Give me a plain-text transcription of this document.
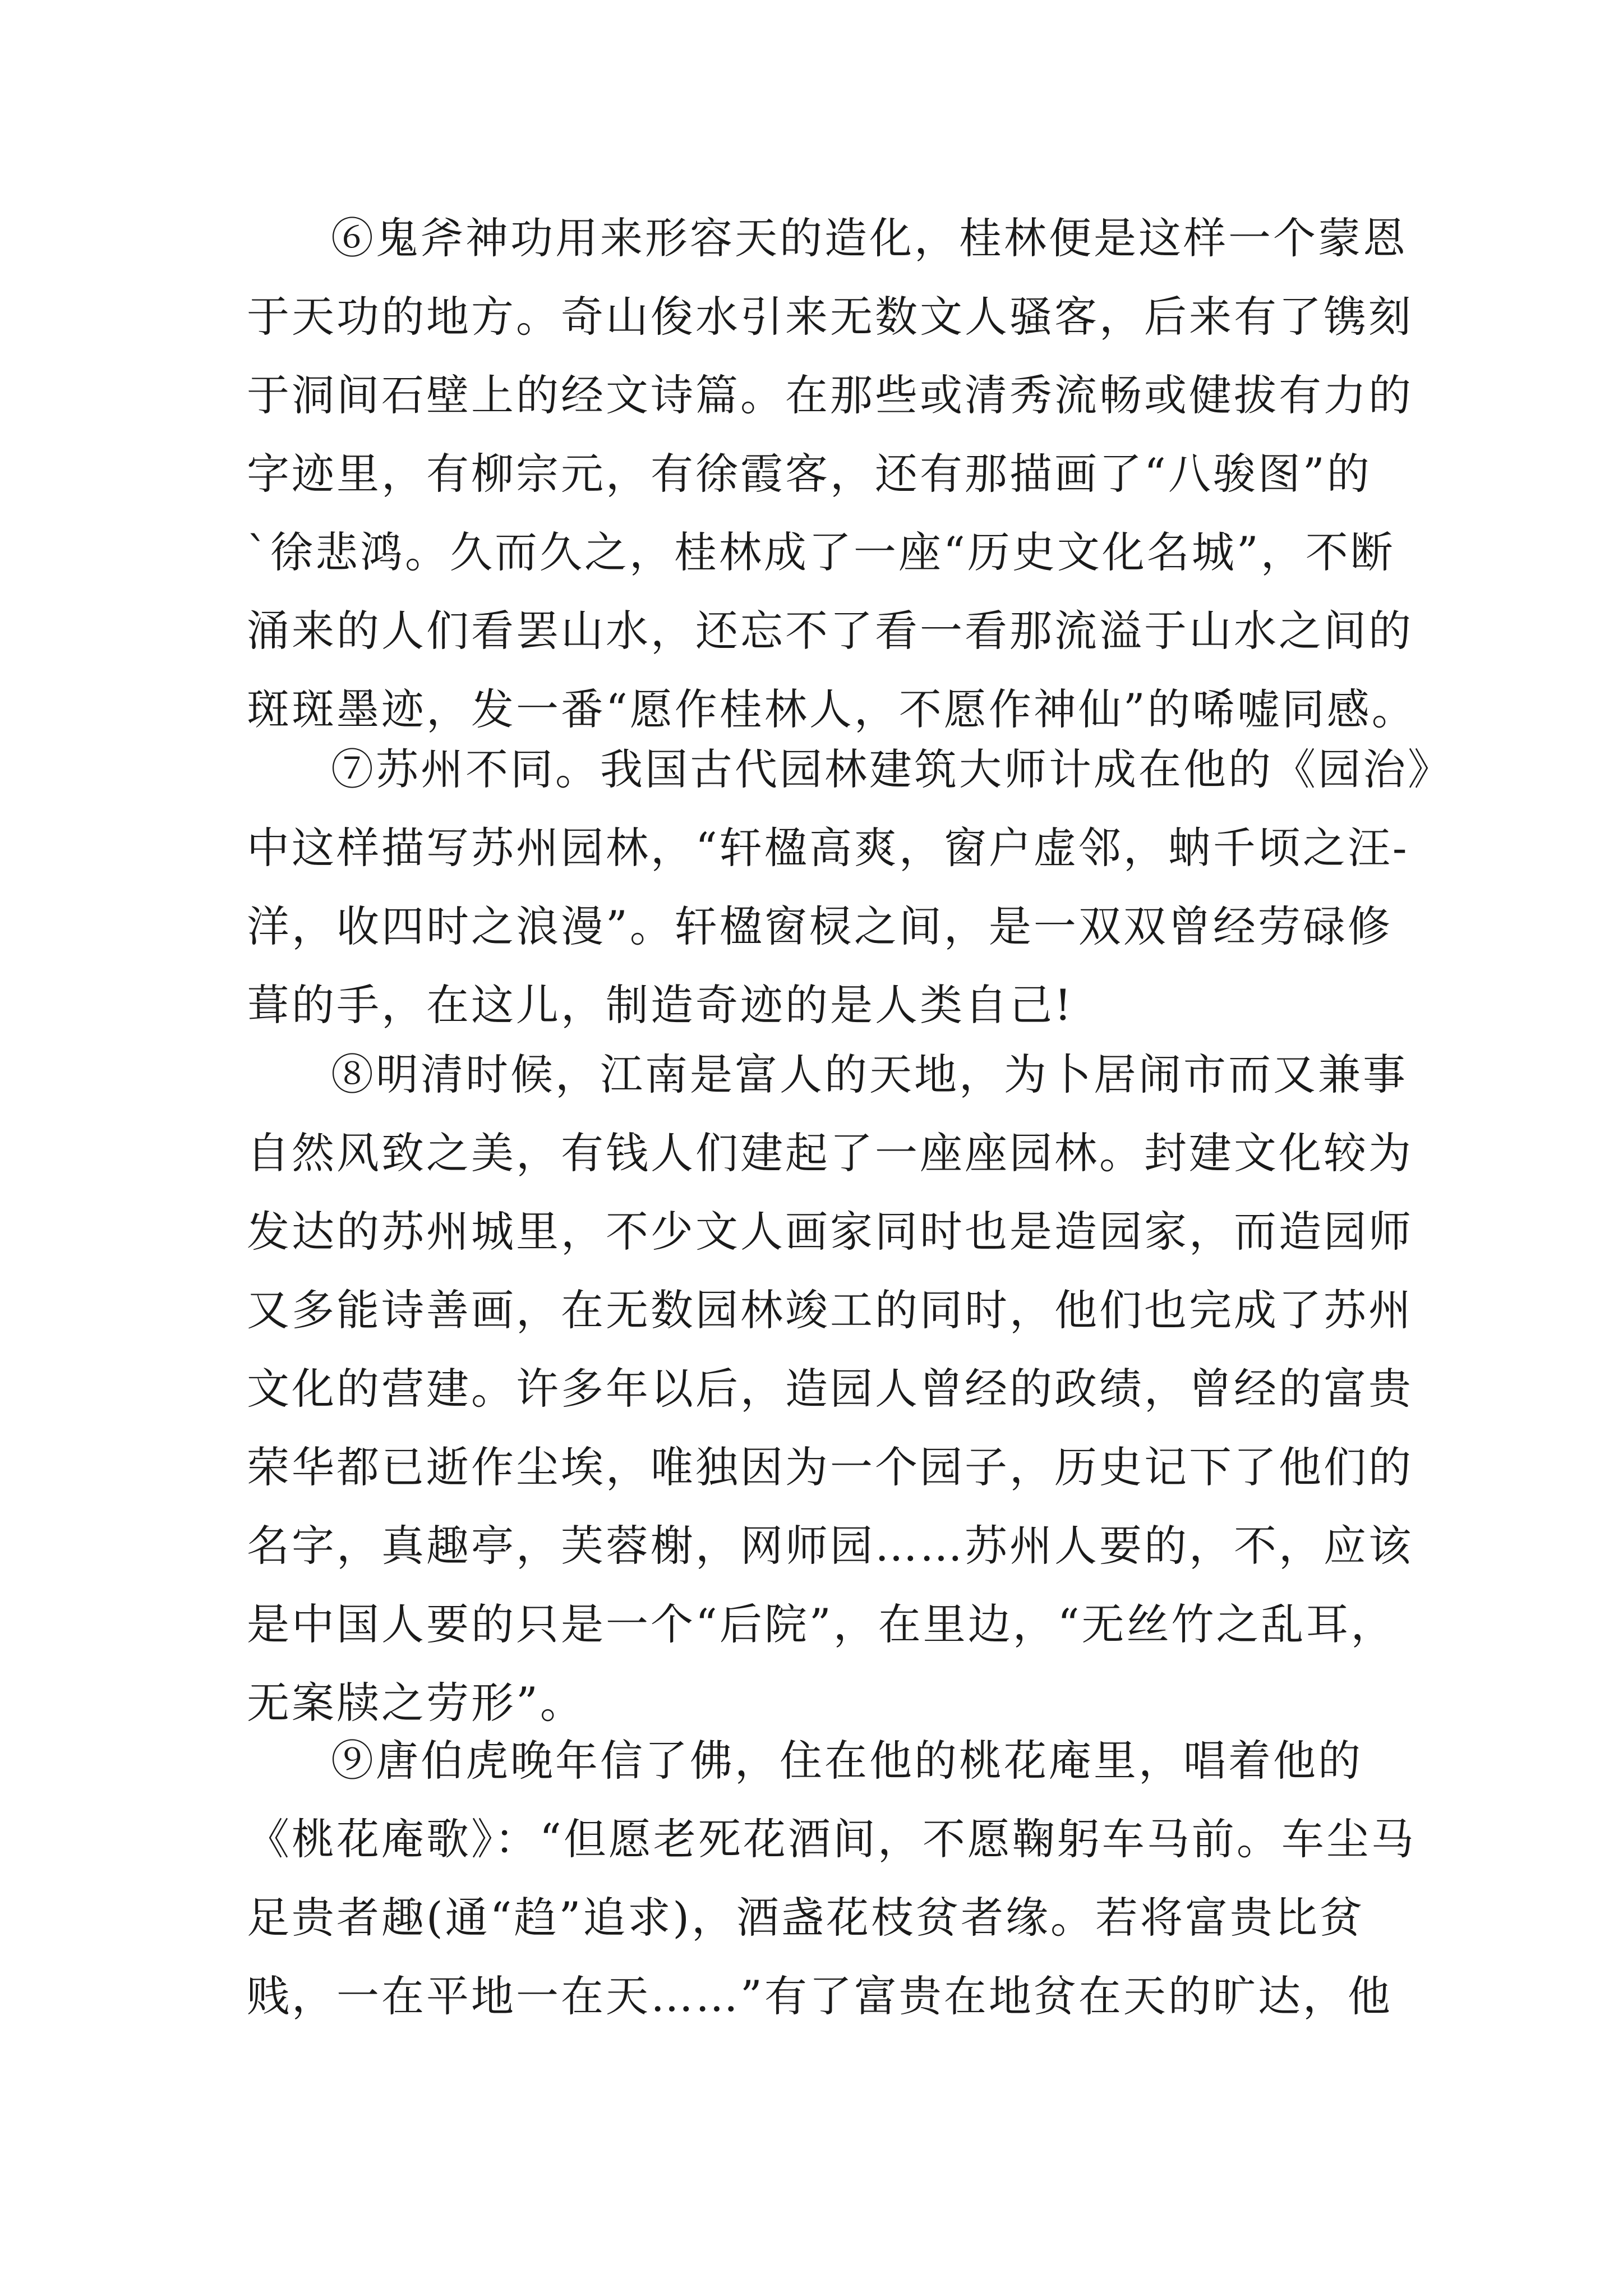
⑥鬼斧神功用来形容天的造化，桂林便是这样一个蒙恩
于天功的地方。奇山俊水引来无数文人骚客，后来有了镌刻
于洞间石壁上的经文诗篇。在那些或清秀流畅或健拔有力的
字迹里，有柳宗元，有徐霞客，还有那描画了“八骏图”的
`徐悲鸿。久而久之，桂林成了一座“历史文化名城”，不断
涌来的人们看罢山水，还忘不了看一看那流溢于山水之间的
斑斑墨迹，发一番“愿作桂林人，不愿作神仙”的唏嘘同感。
⑦苏州不同。我国古代园林建筑大师计成在他的《园治》
中这样描写苏州园林，“轩楹高爽，窗户虚邻，蚋千顷之汪-
洋，收四时之浪漫”。轩楹窗棂之间，是一双双曾经劳碌修
葺的手，在这儿，制造奇迹的是人类自己!
⑧明清时候，江南是富人的天地，为卜居闹市而又兼事
自然风致之美，有钱人们建起了一座座园林。封建文化较为
发达的苏州城里，不少文人画家同时也是造园家，而造园师
又多能诗善画，在无数园林竣工的同时，他们也完成了苏州
文化的营建。许多年以后，造园人曾经的政绩，曾经的富贵
荣华都已逝作尘埃，唯独因为一个园子，历史记下了他们的
名字，真趣亭，芙蓉榭，网师园……苏州人要的，不，应该
是中国人要的只是一个“后院”，在里边，“无丝竹之乱耳，
无案牍之劳形”。
⑨唐伯虎晚年信了佛，住在他的桃花庵里，唱着他的
《桃花庵歌》：“但愿老死花酒间，不愿鞠躬车马前。车尘马
足贵者趣(通“趋”追求)，酒盏花枝贫者缘。若将富贵比贫
贱，一在平地一在天……”有了富贵在地贫在天的旷达，他
